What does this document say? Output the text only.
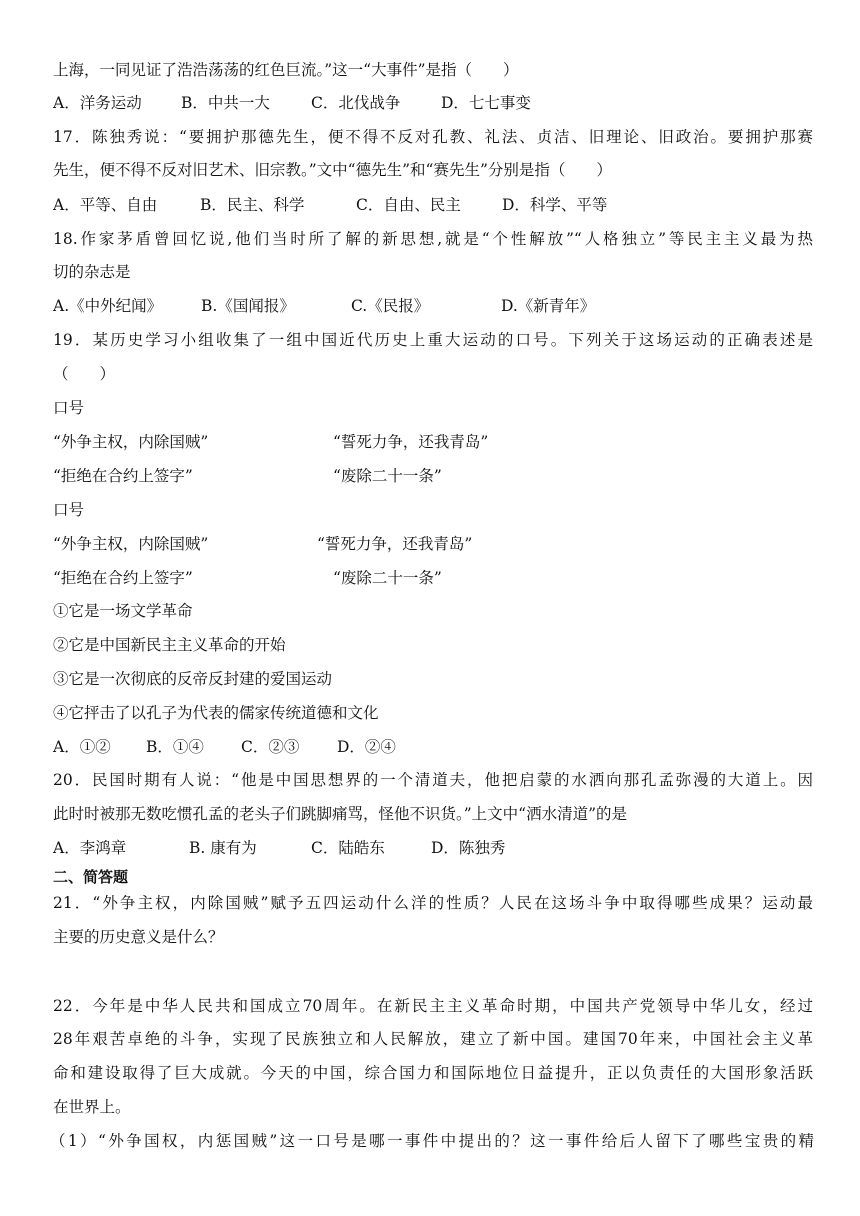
上海，一同见证了浩浩荡荡的红色巨流。”这一“大事件”是指（　　）
A．洋务运动	B．中共一大	C．北伐战争	D．七七事变
17．陈独秀说：“要拥护那德先生，便不得不反对孔教、礼法、贞洁、旧理论、旧政治。要拥护那赛
先生，便不得不反对旧艺术、旧宗教。”文中“德先生”和“赛先生”分别是指（　　）
A．平等、自由	B．民主、科学	C．自由、民主	D．科学、平等
18.作家茅盾曾回忆说,他们当时所了解的新思想,就是“个性解放”“人格独立”等民主主义最为热
切的杂志是
A.《中外纪闻》	B.《国闻报》	C.《民报》	D.《新青年》
19．某历史学习小组收集了一组中国近代历史上重大运动的口号。下列关于这场运动的正确表述是
（　　）
口号
“外争主权，内除国贼”	“誓死力争，还我青岛”
“拒绝在合约上签字”	“废除二十一条”
口号
“外争主权，内除国贼”	“誓死力争，还我青岛”
“拒绝在合约上签字”	“废除二十一条”
①它是一场文学革命
②它是中国新民主主义革命的开始
③它是一次彻底的反帝反封建的爱国运动
④它抨击了以孔子为代表的儒家传统道德和文化
A．①② B．①④ C．②③ D．②④
20．民国时期有人说：“他是中国思想界的一个清道夫，他把启蒙的水洒向那孔孟弥漫的大道上。因
此时时被那无数吃惯孔孟的老头子们跳脚痛骂，怪他不识货。”上文中“洒水清道”的是
A．李鸿章	B. 康有为	C．陆皓东	D．陈独秀
二、简答题
21．“外争主权，内除国贼”赋予五四运动什么洋的性质？人民在这场斗争中取得哪些成果？运动最
主要的历史意义是什么？
22．今年是中华人民共和国成立70周年。在新民主主义革命时期，中国共产党领导中华儿女，经过
28年艰苦卓绝的斗争，实现了民族独立和人民解放，建立了新中国。建国70年来，中国社会主义革
命和建设取得了巨大成就。今天的中国，综合国力和国际地位日益提升，正以负责任的大国形象活跃
在世界上。
（1）“外争国权，内惩国贼”这一口号是哪一事件中提出的？这一事件给后人留下了哪些宝贵的精
